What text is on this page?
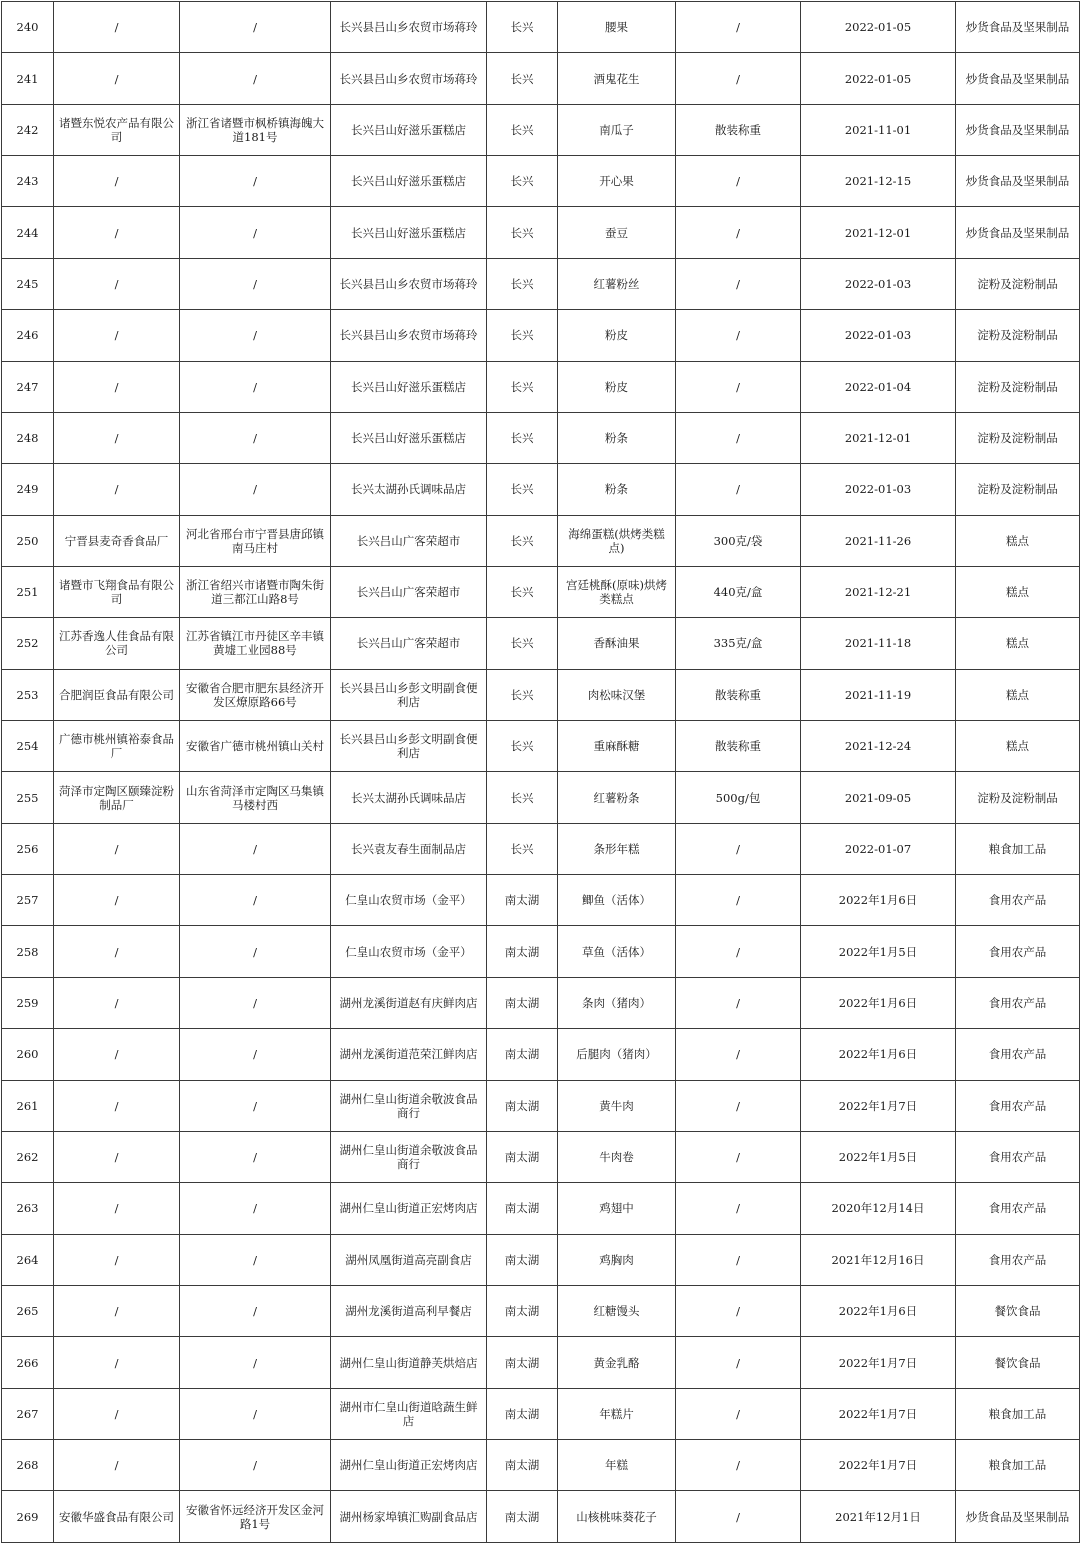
240	/	/	长兴县吕山乡农贸市场蒋玲	长兴	腰果	/	2022-01-05	炒货食品及坚果制品
241	/	/	长兴县吕山乡农贸市场蒋玲	长兴	酒鬼花生	/	2022-01-05	炒货食品及坚果制品
242	诸暨东悦农产品有限公司	浙江省诸暨市枫桥镇海魄大道181号	长兴吕山好滋乐蛋糕店	长兴	南瓜子	散装称重	2021-11-01	炒货食品及坚果制品
243	/	/	长兴吕山好滋乐蛋糕店	长兴	开心果	/	2021-12-15	炒货食品及坚果制品
244	/	/	长兴吕山好滋乐蛋糕店	长兴	蚕豆	/	2021-12-01	炒货食品及坚果制品
245	/	/	长兴县吕山乡农贸市场蒋玲	长兴	红薯粉丝	/	2022-01-03	淀粉及淀粉制品
246	/	/	长兴县吕山乡农贸市场蒋玲	长兴	粉皮	/	2022-01-03	淀粉及淀粉制品
247	/	/	长兴吕山好滋乐蛋糕店	长兴	粉皮	/	2022-01-04	淀粉及淀粉制品
248	/	/	长兴吕山好滋乐蛋糕店	长兴	粉条	/	2021-12-01	淀粉及淀粉制品
249	/	/	长兴太湖孙氏调味品店	长兴	粉条	/	2022-01-03	淀粉及淀粉制品
250	宁晋县麦奇香食品厂	河北省邢台市宁晋县唐邱镇南马庄村	长兴吕山广客荣超市	长兴	海绵蛋糕(烘烤类糕点)	300克/袋	2021-11-26	糕点
251	诸暨市飞翔食品有限公司	浙江省绍兴市诸暨市陶朱街道三都江山路8号	长兴吕山广客荣超市	长兴	宫廷桃酥(原味)烘烤类糕点	440克/盒	2021-12-21	糕点
252	江苏香逸人佳食品有限公司	江苏省镇江市丹徒区辛丰镇黄墟工业园88号	长兴吕山广客荣超市	长兴	香酥油果	335克/盒	2021-11-18	糕点
253	合肥润臣食品有限公司	安徽省合肥市肥东县经济开发区燎原路66号	长兴县吕山乡彭文明副食便利店	长兴	肉松味汉堡	散装称重	2021-11-19	糕点
254	广德市桃州镇裕泰食品厂	安徽省广德市桃州镇山关村	长兴县吕山乡彭文明副食便利店	长兴	重麻酥糖	散装称重	2021-12-24	糕点
255	菏泽市定陶区颐臻淀粉制品厂	山东省菏泽市定陶区马集镇马楼村西	长兴太湖孙氏调味品店	长兴	红薯粉条	500g/包	2021-09-05	淀粉及淀粉制品
256	/	/	长兴袁友春生面制品店	长兴	条形年糕	/	2022-01-07	粮食加工品
257	/	/	仁皇山农贸市场（金平）	南太湖	鲫鱼（活体）	/	2022年1月6日	食用农产品
258	/	/	仁皇山农贸市场（金平）	南太湖	草鱼（活体）	/	2022年1月5日	食用农产品
259	/	/	湖州龙溪街道赵有庆鲜肉店	南太湖	条肉（猪肉）	/	2022年1月6日	食用农产品
260	/	/	湖州龙溪街道范荣江鲜肉店	南太湖	后腿肉（猪肉）	/	2022年1月6日	食用农产品
261	/	/	湖州仁皇山街道余敬波食品商行	南太湖	黄牛肉	/	2022年1月7日	食用农产品
262	/	/	湖州仁皇山街道余敬波食品商行	南太湖	牛肉卷	/	2022年1月5日	食用农产品
263	/	/	湖州仁皇山街道正宏烤肉店	南太湖	鸡翅中	/	2020年12月14日	食用农产品
264	/	/	湖州凤凰街道高亮副食店	南太湖	鸡胸肉	/	2021年12月16日	食用农产品
265	/	/	湖州龙溪街道高利早餐店	南太湖	红糖馒头	/	2022年1月6日	餐饮食品
266	/	/	湖州仁皇山街道静芙烘焙店	南太湖	黄金乳酪	/	2022年1月7日	餐饮食品
267	/	/	湖州市仁皇山街道晗蔬生鲜店	南太湖	年糕片	/	2022年1月7日	粮食加工品
268	/	/	湖州仁皇山街道正宏烤肉店	南太湖	年糕	/	2022年1月7日	粮食加工品
269	安徽华盛食品有限公司	安徽省怀远经济开发区金河路1号	湖州杨家埠镇汇购副食品店	南太湖	山核桃味葵花子	/	2021年12月1日	炒货食品及坚果制品
